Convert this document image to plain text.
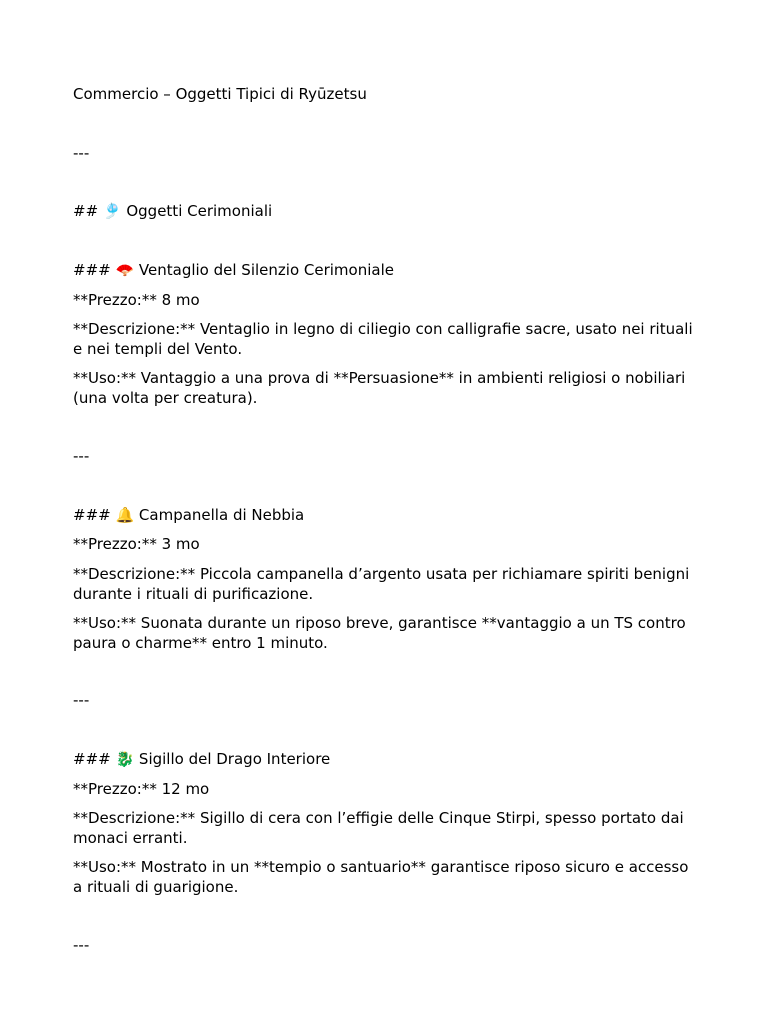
Commercio – Oggetti Tipici di Ryūzetsu

---

## 🎐 Oggetti Cerimoniali

### 🪭 Ventaglio del Silenzio Cerimoniale

**Prezzo:** 8 mo

**Descrizione:** Ventaglio in legno di ciliegio con calligrafie sacre, usato nei rituali e nei templi del Vento.

**Uso:** Vantaggio a una prova di **Persuasione** in ambienti religiosi o nobiliari (una volta per creatura).

---

### 🔔 Campanella di Nebbia

**Prezzo:** 3 mo

**Descrizione:** Piccola campanella d’argento usata per richiamare spiriti benigni durante i rituali di purificazione.

**Uso:** Suonata durante un riposo breve, garantisce **vantaggio a un TS contro paura o charme** entro 1 minuto.

---

### 🐉 Sigillo del Drago Interiore

**Prezzo:** 12 mo

**Descrizione:** Sigillo di cera con l’effigie delle Cinque Stirpi, spesso portato dai monaci erranti.

**Uso:** Mostrato in un **tempio o santuario** garantisce riposo sicuro e accesso a rituali di guarigione.

---
